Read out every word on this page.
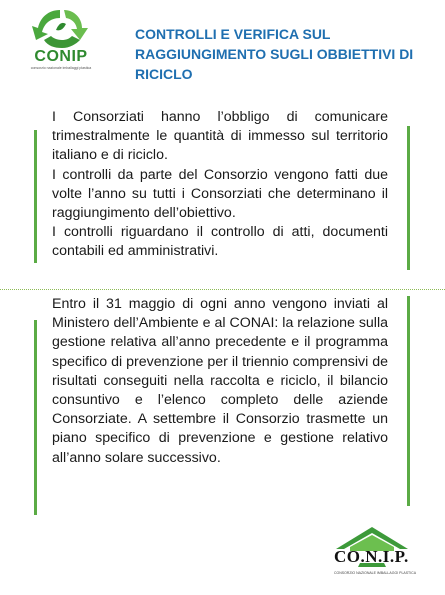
CONIP
consorzio nazionale imballaggi plastica
CONTROLLI E VERIFICA SUL RAGGIUNGIMENTO SUGLI OBBIETTIVI DI RICICLO

I Consorziati hanno l’obbligo di comunicare trimestralmente le quantità di immesso sul territorio italiano e di riciclo.

I controlli da parte del Consorzio vengono fatti due volte l’anno su tutti i Consorziati che determinano il raggiungimento dell’obiettivo.

I controlli riguardano il controllo di atti, documenti contabili ed amministrativi.

Entro il 31 maggio di ogni anno vengono inviati al Ministero dell’Ambiente e al CONAI: la relazione sulla gestione relativa all’anno precedente e il programma specifico di prevenzione per il triennio comprensivi de risultati conseguiti nella raccolta e riciclo, il bilancio consuntivo e l’elenco completo delle aziende Consorziate. A settembre il Consorzio trasmette un piano specifico di prevenzione e gestione relativo all’anno solare successivo.

CO.N.I.P.
CONSORZIO NAZIONALE IMBALLAGGI PLASTICA
